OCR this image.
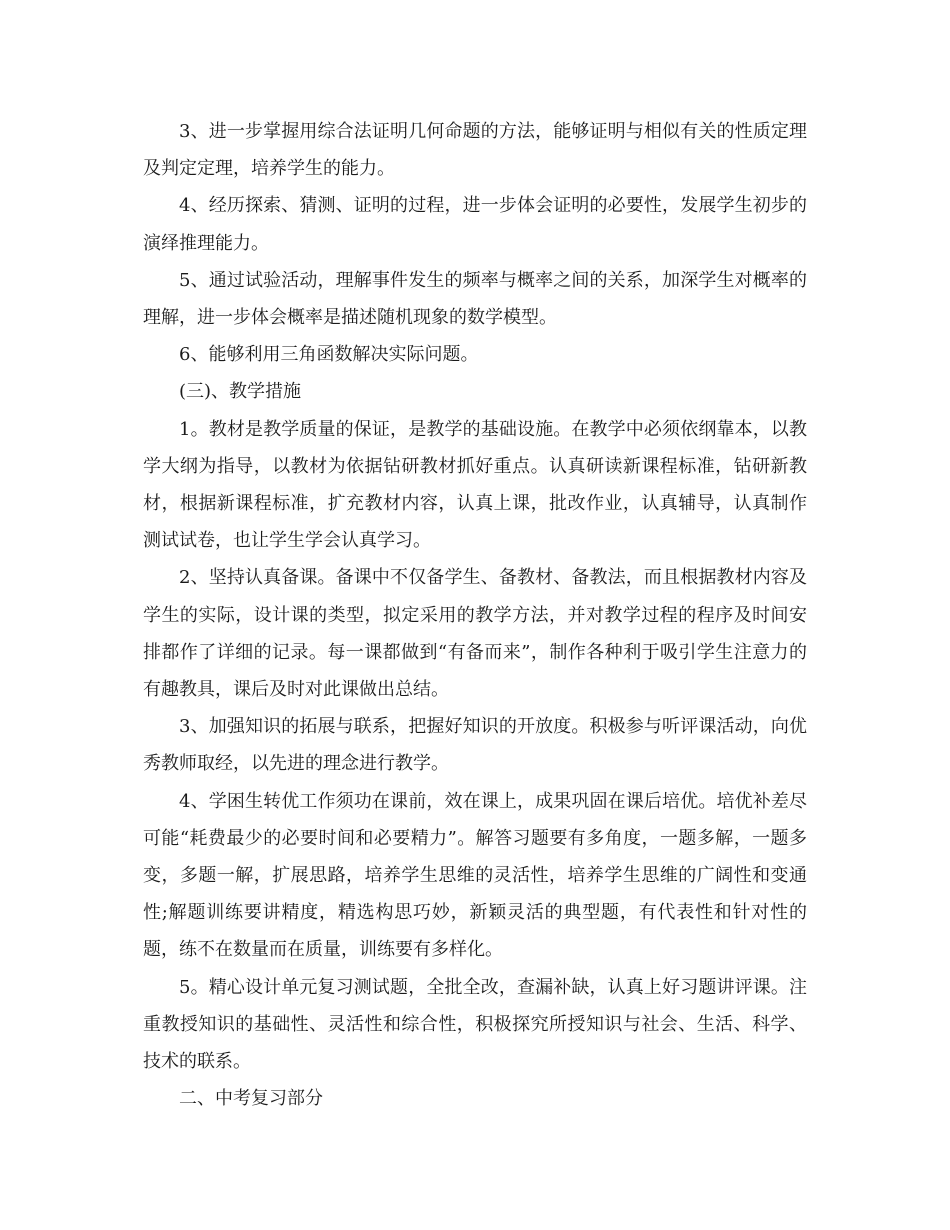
3、进一步掌握用综合法证明几何命题的方法，能够证明与相似有关的性质定理及判定定理，培养学生的能力。

4、经历探索、猜测、证明的过程，进一步体会证明的必要性，发展学生初步的演绎推理能力。

5、通过试验活动，理解事件发生的频率与概率之间的关系，加深学生对概率的理解，进一步体会概率是描述随机现象的数学模型。

6、能够利用三角函数解决实际问题。

(三)、教学措施

1。教材是教学质量的保证，是教学的基础设施。在教学中必须依纲靠本，以教学大纲为指导，以教材为依据钻研教材抓好重点。认真研读新课程标准，钻研新教材，根据新课程标准，扩充教材内容，认真上课，批改作业，认真辅导，认真制作测试试卷，也让学生学会认真学习。

2、坚持认真备课。备课中不仅备学生、备教材、备教法，而且根据教材内容及学生的实际，设计课的类型，拟定采用的教学方法，并对教学过程的程序及时间安排都作了详细的记录。每一课都做到“有备而来”，制作各种利于吸引学生注意力的有趣教具，课后及时对此课做出总结。

3、加强知识的拓展与联系，把握好知识的开放度。积极参与听评课活动，向优秀教师取经，以先进的理念进行教学。

4、学困生转优工作须功在课前，效在课上，成果巩固在课后培优。培优补差尽可能“耗费最少的必要时间和必要精力”。解答习题要有多角度，一题多解，一题多变，多题一解，扩展思路，培养学生思维的灵活性，培养学生思维的广阔性和变通性;解题训练要讲精度，精选构思巧妙，新颖灵活的典型题，有代表性和针对性的题，练不在数量而在质量，训练要有多样化。

5。精心设计单元复习测试题，全批全改，查漏补缺，认真上好习题讲评课。注重教授知识的基础性、灵活性和综合性，积极探究所授知识与社会、生活、科学、技术的联系。

二、中考复习部分
